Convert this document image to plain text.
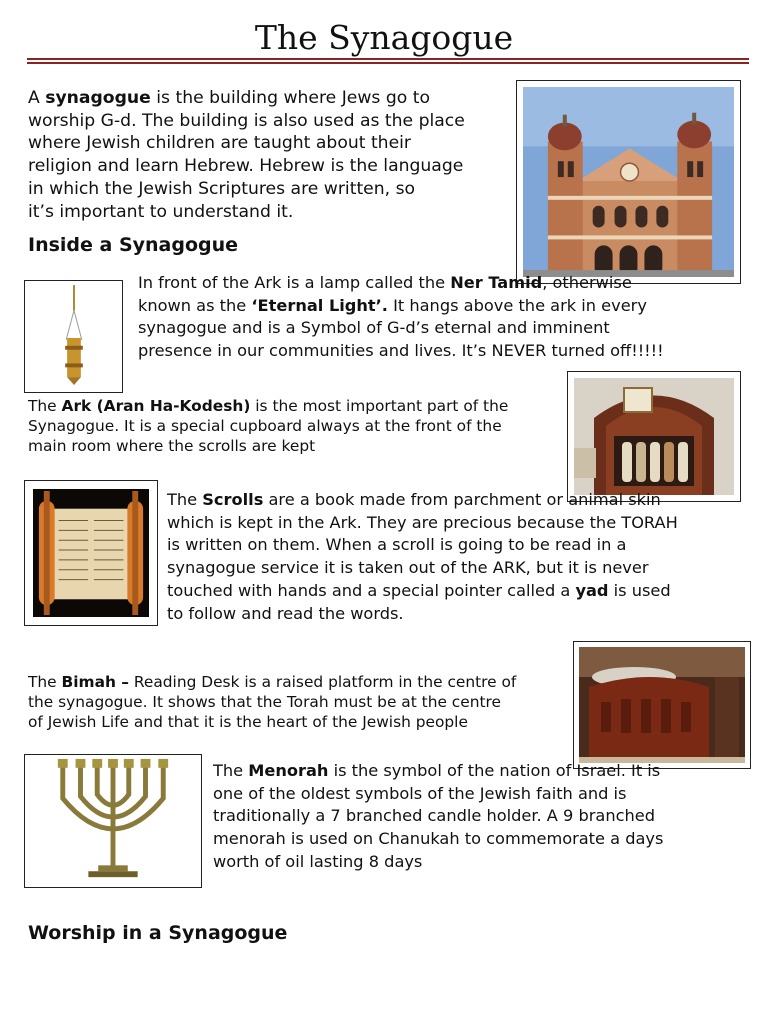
The Synagogue
A synagogue is the building where Jews go to
worship G-d. The building is also used as the place
where Jewish children are taught about their
religion and learn Hebrew. Hebrew is the language
in which the Jewish Scriptures are written, so
it’s important to understand it.
Inside a Synagogue
In front of the Ark is a lamp called the Ner Tamid, otherwise
known as the ‘Eternal Light’. It hangs above the ark in every
synagogue and is a Symbol of G-d’s eternal and imminent
presence in our communities and lives. It’s NEVER turned off!!!!!
The Ark (Aran Ha-Kodesh) is the most important part of the
Synagogue. It is a special cupboard always at the front of the
main room where the scrolls are kept
The Scrolls are a book made from parchment or animal skin
which is kept in the Ark. They are precious because the TORAH
is written on them. When a scroll is going to be read in a
synagogue service it is taken out of the ARK, but it is never
touched with hands and a special pointer called a yad is used
to follow and read the words.
The Bimah – Reading Desk is a raised platform in the centre of
the synagogue. It shows that the Torah must be at the centre
of Jewish Life and that it is the heart of the Jewish people
The Menorah is the symbol of the nation of Israel. It is
one of the oldest symbols of the Jewish faith and is
traditionally a 7 branched candle holder. A 9 branched
menorah is used on Chanukah to commemorate a days
worth of oil lasting 8 days
Worship in a Synagogue
